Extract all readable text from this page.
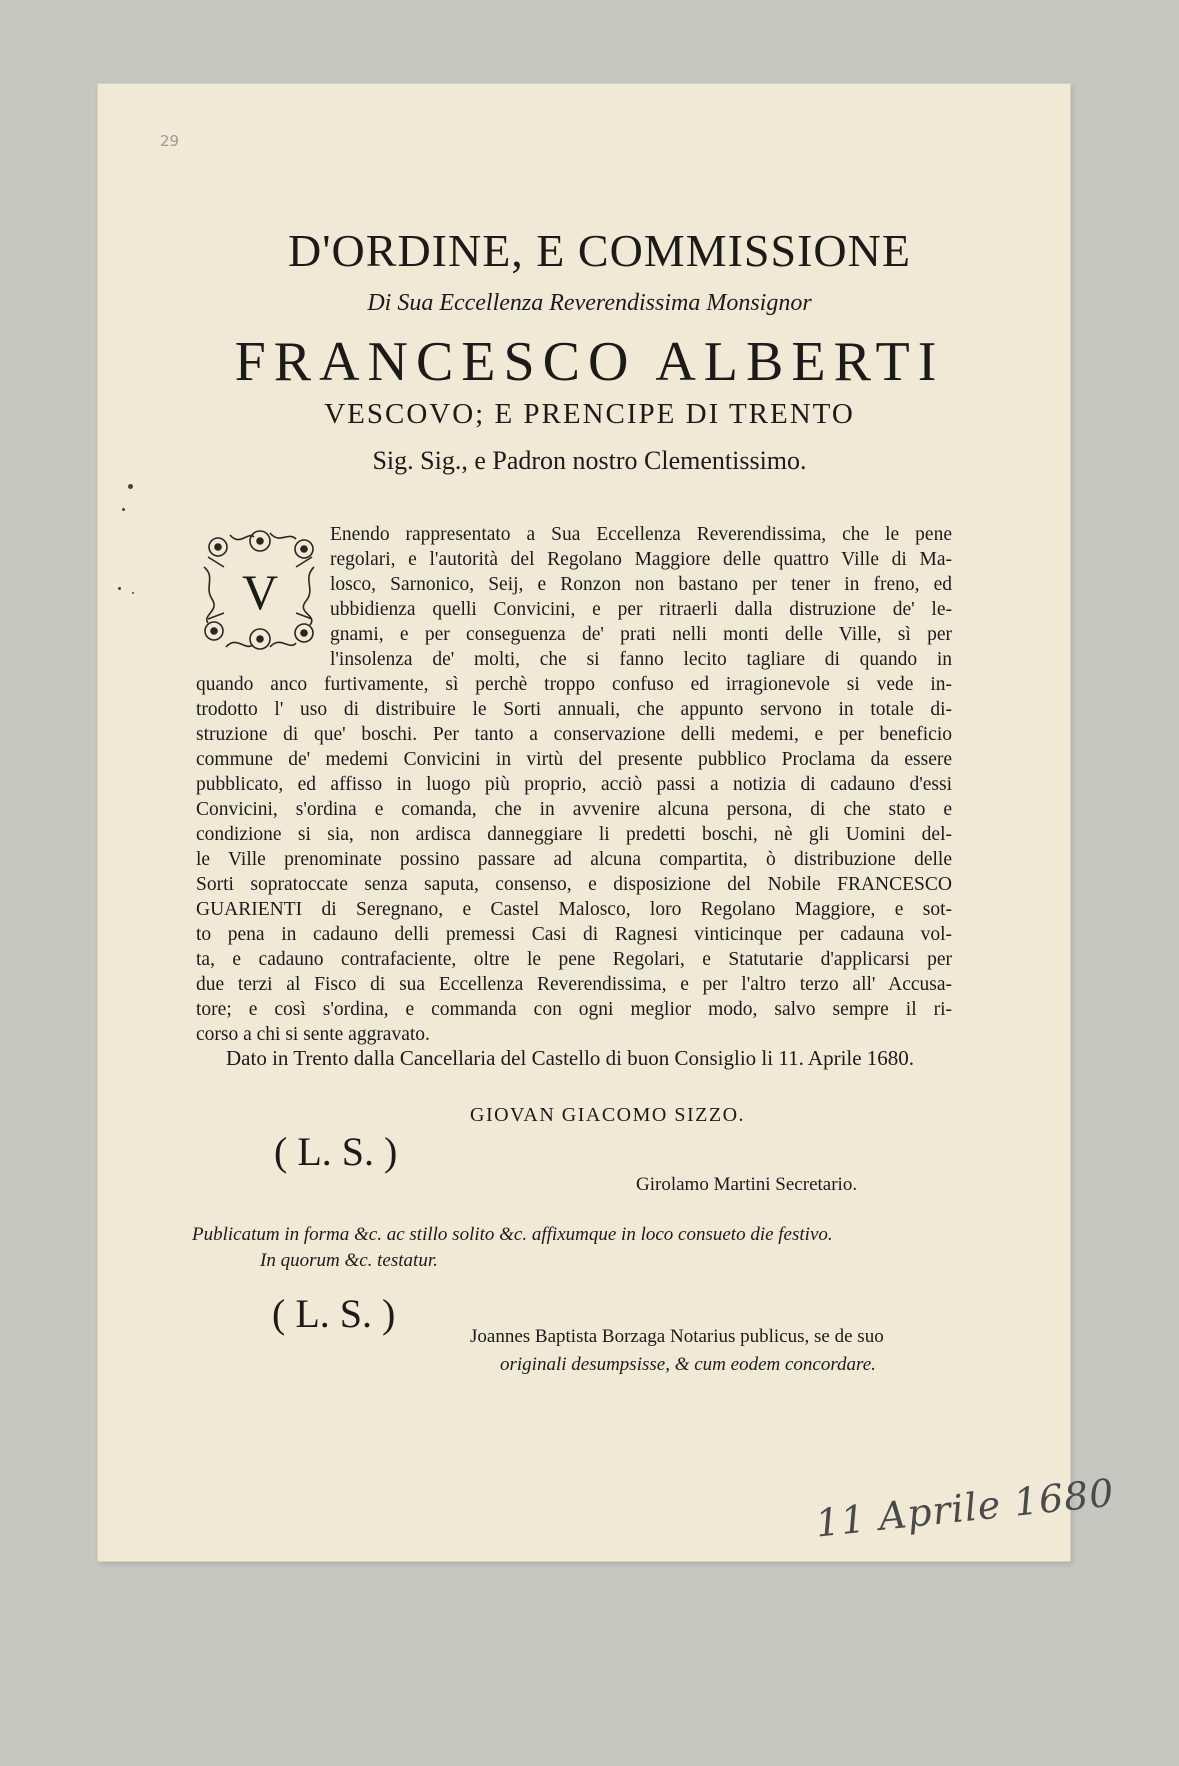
29
D'ORDINE, E COMMISSIONE
Di Sua Eccellenza Reverendissima Monsignor
FRANCESCO ALBERTI
VESCOVO; E PRENCIPE DI TRENTO
Sig. Sig., e Padron nostro Clementissimo.
V
Enendo rappresentato a Sua Eccellenza Reverendissima, che le pene
regolari, e l'autorità del Regolano Maggiore delle quattro Ville di Ma-
losco, Sarnonico, Seij, e Ronzon non bastano per tener in freno, ed
ubbidienza quelli Convicini, e per ritraerli dalla distruzione de' le-
gnami, e per conseguenza de' prati nelli monti delle Ville, sì per
l'insolenza de' molti, che si fanno lecito tagliare di quando in
quando anco furtivamente, sì perchè troppo confuso ed irragionevole si vede in-
trodotto l' uso di distribuire le Sorti annuali, che appunto servono in totale di-
struzione di que' boschi. Per tanto a conservazione delli medemi, e per beneficio
commune de' medemi Convicini in virtù del presente pubblico Proclama da essere
pubblicato, ed affisso in luogo più proprio, acciò passi a notizia di cadauno d'essi
Convicini, s'ordina e comanda, che in avvenire alcuna persona, di che stato e
condizione si sia, non ardisca danneggiare li predetti boschi, nè gli Uomini del-
le Ville prenominate possino passare ad alcuna compartita, ò distribuzione delle
Sorti sopratoccate senza saputa, consenso, e disposizione del Nobile FRANCESCO
GUARIENTI di Seregnano, e Castel Malosco, loro Regolano Maggiore, e sot-
to pena in cadauno delli premessi Casi di Ragnesi vinticinque per cadauna vol-
ta, e cadauno contrafaciente, oltre le pene Regolari, e Statutarie d'applicarsi per
due terzi al Fisco di sua Eccellenza Reverendissima, e per l'altro terzo all' Accusa-
tore; e così s'ordina, e commanda con ogni meglior modo, salvo sempre il ri-
corso a chi si sente aggravato.
Dato in Trento dalla Cancellaria del Castello di buon Consiglio li 11. Aprile 1680.
GIOVAN GIACOMO SIZZO.
( L. S. )
Girolamo Martini Secretario.
Publicatum in forma &c. ac stillo solito &c. affixumque in loco consueto die festivo.
In quorum &c. testatur.
( L. S. )
Joannes Baptista Borzaga Notarius publicus, se de suo
originali desumpsisse, & cum eodem concordare.
11 Aprile 1680
